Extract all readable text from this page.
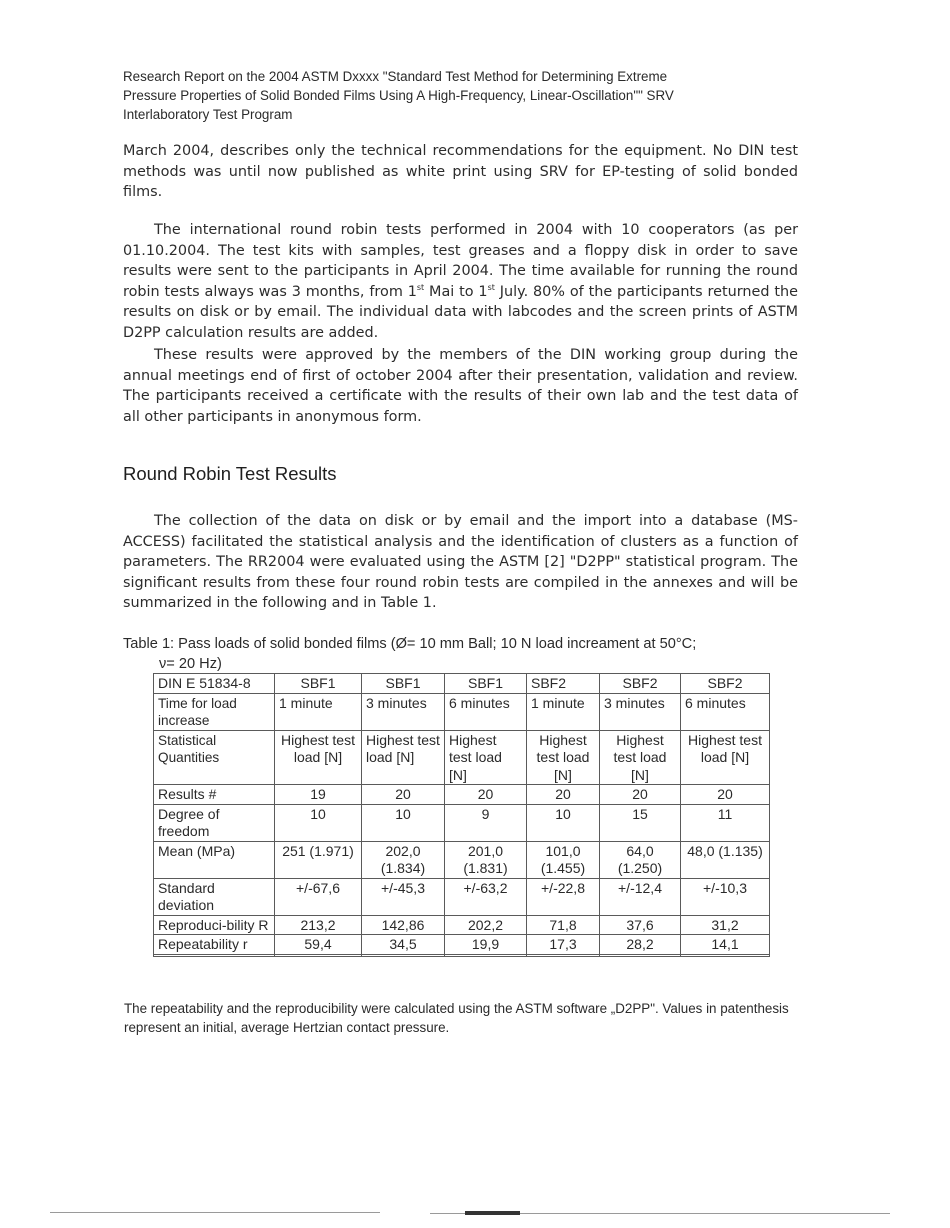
Research Report on the 2004 ASTM Dxxxx "Standard Test Method for Determining Extreme
Pressure Properties of Solid Bonded Films Using A High-Frequency, Linear-Oscillation"" SRV
Interlaboratory Test Program
March 2004, describes only the technical recommendations for the equipment. No DIN test methods was until now published as white print using SRV for EP-testing of solid bonded films.
The international round robin tests performed in 2004 with 10 cooperators (as per 01.10.2004. The test kits with samples, test greases and a floppy disk in order to save results were sent to the participants in April 2004. The time available for running the round robin tests always was 3 months, from 1st Mai to 1st July. 80% of the participants returned the results on disk or by email. The individual data with labcodes and the screen prints of ASTM D2PP calculation results are added.
These results were approved by the members of the DIN working group during the annual meetings end of first of october 2004 after their presentation, validation and review. The participants received a certificate with the results of their own lab and the test data of all other participants in anonymous form.
Round Robin Test Results
The collection of the data on disk or by email and the import into a database (MS-ACCESS) facilitated the statistical analysis and the identification of clusters as a function of parameters. The RR2004 were evaluated using the ASTM [2] "D2PP" statistical program. The significant results from these four round robin tests are compiled in the annexes and will be summarized in the following and in Table 1.
Table 1: Pass loads of solid bonded films (Ø= 10 mm Ball; 10 N load increament at 50°C;
ν= 20 Hz)
DIN E 51834-8	SBF1	SBF1	SBF1	SBF2	SBF2	SBF2
Time for load increase	1 minute	3 minutes	6 minutes	1 minute	3 minutes	6 minutes
Statistical Quantities	Highest test load [N]	Highest test load [N]	Highest test load [N]	Highest test load [N]	Highest test load [N]	Highest test load [N]
Results #	19	20	20	20	20	20
Degree of freedom	10	10	9	10	15	11
Mean (MPa)	251 (1.971)	202,0 (1.834)	201,0 (1.831)	101,0 (1.455)	64,0 (1.250)	48,0 (1.135)
Standard deviation	+/-67,6	+/-45,3	+/-63,2	+/-22,8	+/-12,4	+/-10,3
Reproduci-bility R	213,2	142,86	202,2	71,8	37,6	31,2
Repeatability r	59,4	34,5	19,9	17,3	28,2	14,1

The repeatability and the reproducibility were calculated using the ASTM software „D2PP". Values in patenthesis represent an initial, average Hertzian contact pressure.
